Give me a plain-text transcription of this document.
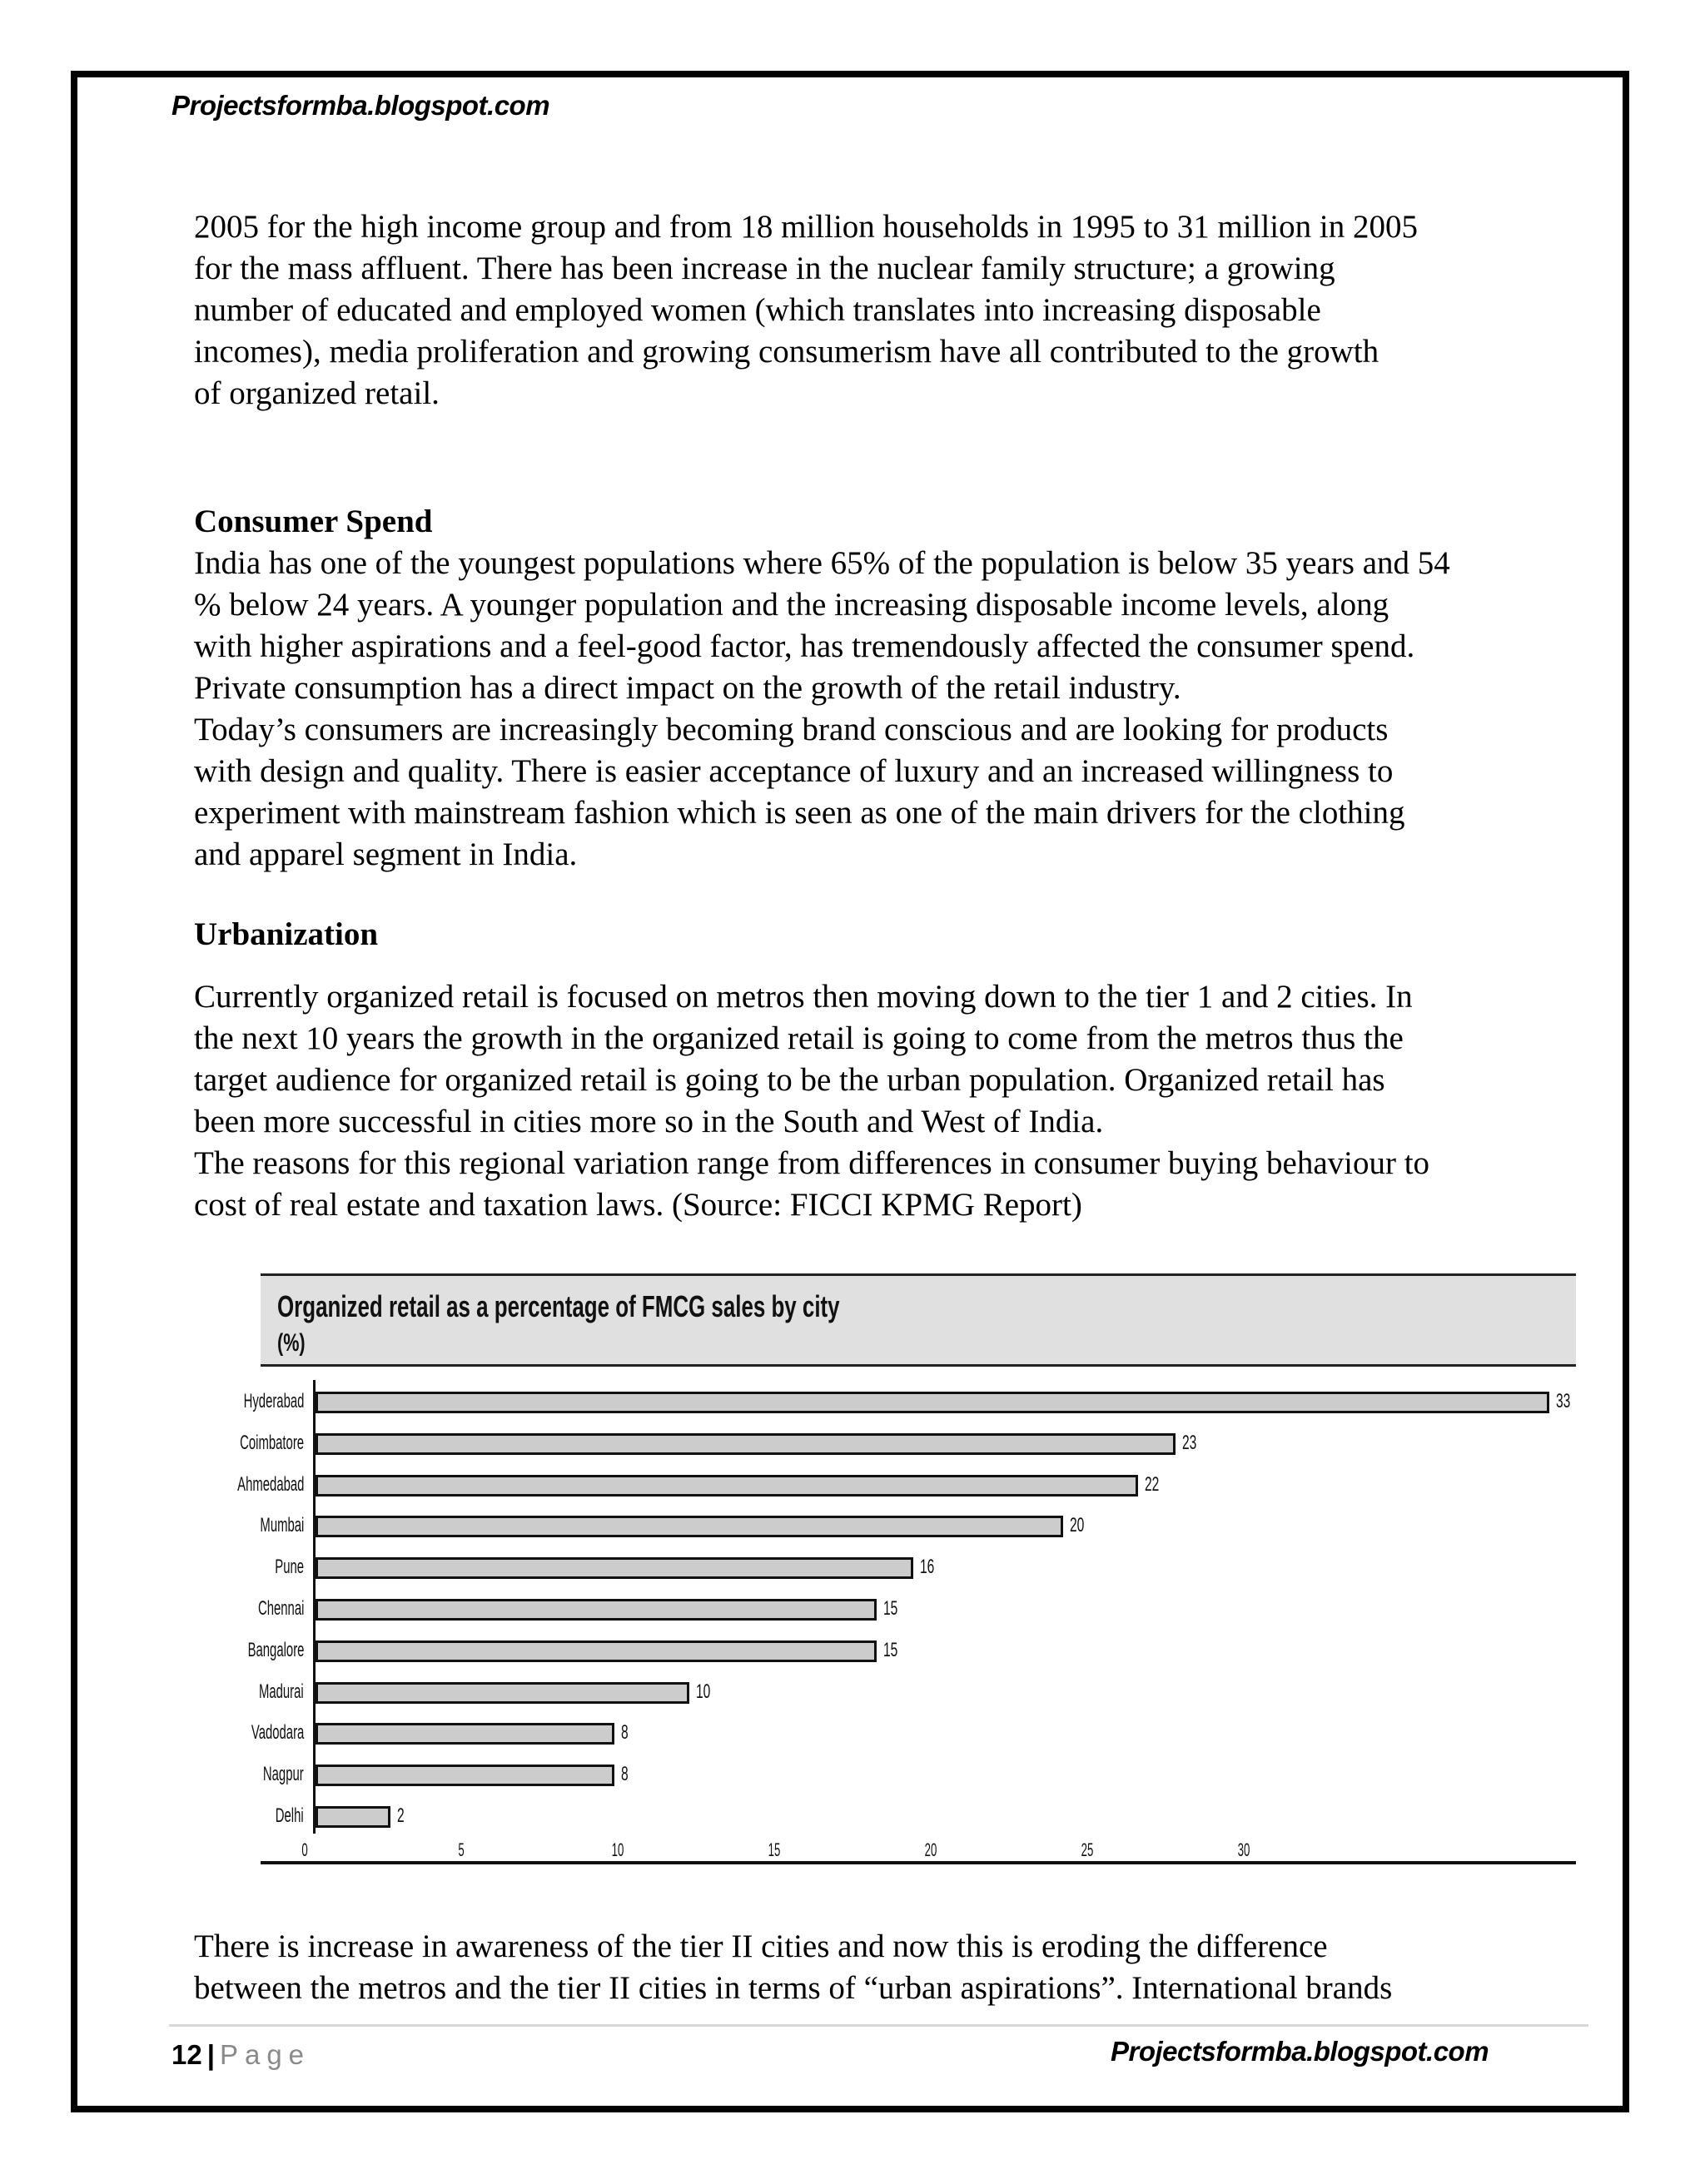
Projectsformba.blogspot.com

2005 for the high income group and from 18 million households in 1995 to 31 million in 2005

for the mass affluent. There has been increase in the nuclear family structure; a growing

number of educated and employed women (which translates into increasing disposable

incomes), media proliferation and growing consumerism have all contributed to the growth

of organized retail.

Consumer Spend

India has one of the youngest populations where 65% of the population is below 35 years and 54

% below 24 years. A younger population and the increasing disposable income levels, along

with higher aspirations and a feel-good factor, has tremendously affected the consumer spend.

Private consumption has a direct impact on the growth of the retail industry.

Today’s consumers are increasingly becoming brand conscious and are looking for products

with design and quality. There is easier acceptance of luxury and an increased willingness to

experiment with mainstream fashion which is seen as one of the main drivers for the clothing

and apparel segment in India.

Urbanization

Currently organized retail is focused on metros then moving down to the tier 1 and 2 cities. In

the next 10 years the growth in the organized retail is going to come from the metros thus the

target audience for organized retail is going to be the urban population. Organized retail has

been more successful in cities more so in the South and West of India.

The reasons for this regional variation range from differences in consumer buying behaviour to

cost of real estate and taxation laws. (Source: FICCI KPMG Report)

Organized retail as a percentage of FMCG sales by city
(%)
Hyderabad	33
Coimbatore	23
Ahmedabad	22
Mumbai	20
Pune	16
Chennai	15
Bangalore	15
Madurai	10
Vadodara	8
Nagpur	8
Delhi	2
0	5	10	15	20	25	30

There is increase in awareness of the tier II cities and now this is eroding the difference

between the metros and the tier II cities in terms of “urban aspirations”. International brands

12 | Page	Projectsformba.blogspot.com
